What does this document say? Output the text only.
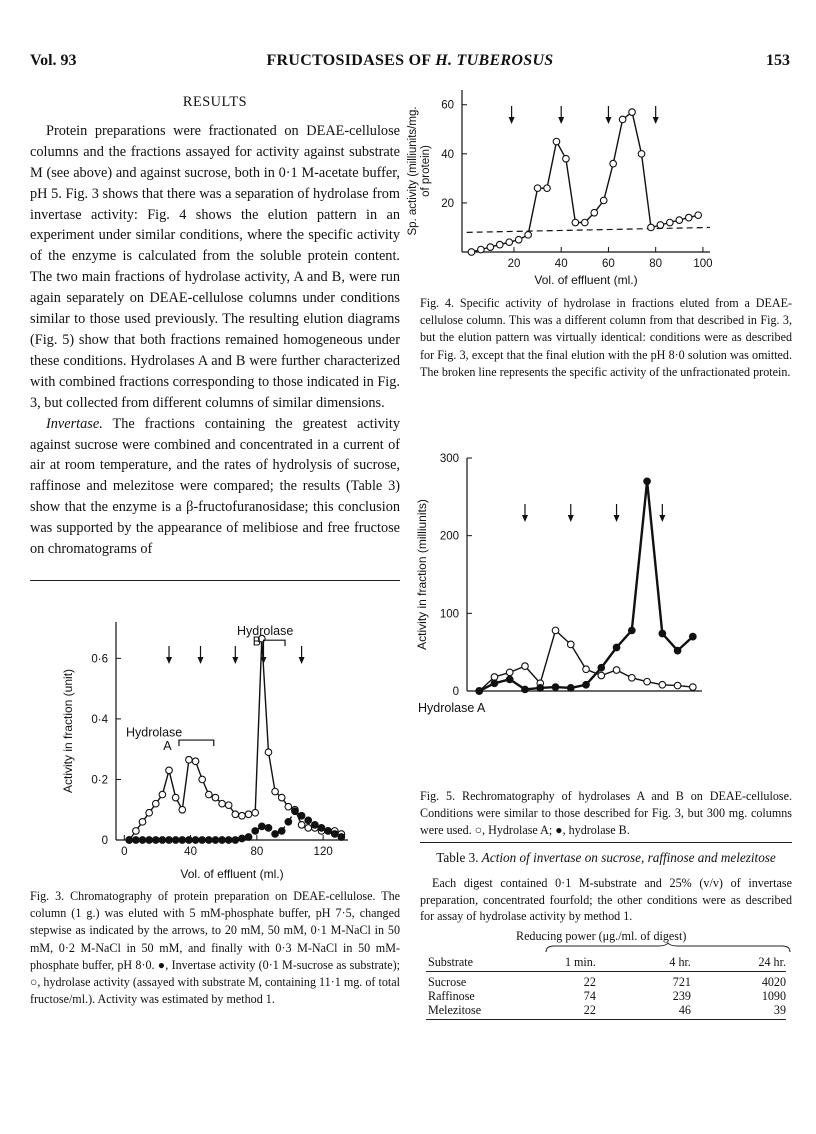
Vol. 93	FRUCTOSIDASES OF H. TUBEROSUS	153
RESULTS

Protein preparations were fractionated on DEAE-cellulose columns and the fractions assayed for activity against substrate M (see above) and against sucrose, both in 0·1 M-acetate buffer, pH 5. Fig. 3 shows that there was a separation of hydrolase from invertase activity: Fig. 4 shows the elution pattern in an experiment under similar conditions, where the specific activity of the enzyme is calculated from the soluble protein content. The two main fractions of hydrolase activity, A and B, were run again separately on DEAE-cellulose columns under conditions similar to those used previously. The resulting elution diagrams (Fig. 5) show that both fractions remained homogeneous under these conditions. Hydrolases A and B were further characterized with combined fractions corresponding to those indicated in Fig. 3, but collected from different columns of similar dimensions.

Invertase. The fractions containing the greatest activity against sucrose were combined and concentrated in a current of air at room temperature, and the rates of hydrolysis of sucrose, raffinose and melezitose were compared; the results (Table 3) show that the enzyme is a β-fructofuranosidase; this conclusion was supported by the appearance of melibiose and free fructose on chromatograms of

0
0·2
0·4
0·6
0	40	80	120
Vol. of effluent (ml.)
Activity in fraction (unit)
Hydrolase
B
Hydrolase
A
Fig. 3. Chromatography of protein preparation on DEAE-cellulose. The column (1 g.) was eluted with 5 mM-phosphate buffer, pH 7·5, changed stepwise as indicated by the arrows, to 20 mM, 50 mM, 0·1 M-NaCl in 50 mM, 0·2 M-NaCl in 50 mM, and finally with 0·3 M-NaCl in 50 mM-phosphate buffer, pH 8·0. ●, Invertase activity (0·1 M-sucrose as substrate); ○, hydrolase activity (assayed with substrate M, containing 11·1 mg. of total fructose/ml.). Activity was estimated by method 1.
20
40
60
20	40	60	80	100
Vol. of effluent (ml.)
Sp. activity (milliunits/mg. of protein)
Fig. 4. Specific activity of hydrolase in fractions eluted from a DEAE-cellulose column. This was a different column from that described in Fig. 3, but the elution pattern was virtually identical: conditions were as described for Fig. 3, except that the final elution with the pH 8·0 solution was omitted. The broken line represents the specific activity of the unfractionated protein.
0
100
200
300
Activity in fraction (milliunits)
Hydrolase A
Fig. 5. Rechromatography of hydrolases A and B on DEAE-cellulose. Conditions were similar to those described for Fig. 3, but 300 mg. columns were used. ○, Hydrolase A; ●, hydrolase B.
Table 3. Action of invertase on sucrose, raffinose and melezitose
Each digest contained 0·1 M-substrate and 25% (v/v) of invertase preparation, concentrated fourfold; the other conditions were as described for assay of hydrolase activity by method 1.
Reducing power (μg./ml. of digest)
Substrate	1 min.	4 hr.	24 hr.

Sucrose	22	721	4020
Raffinose	74	239	1090
Melezitose	22	46	39
